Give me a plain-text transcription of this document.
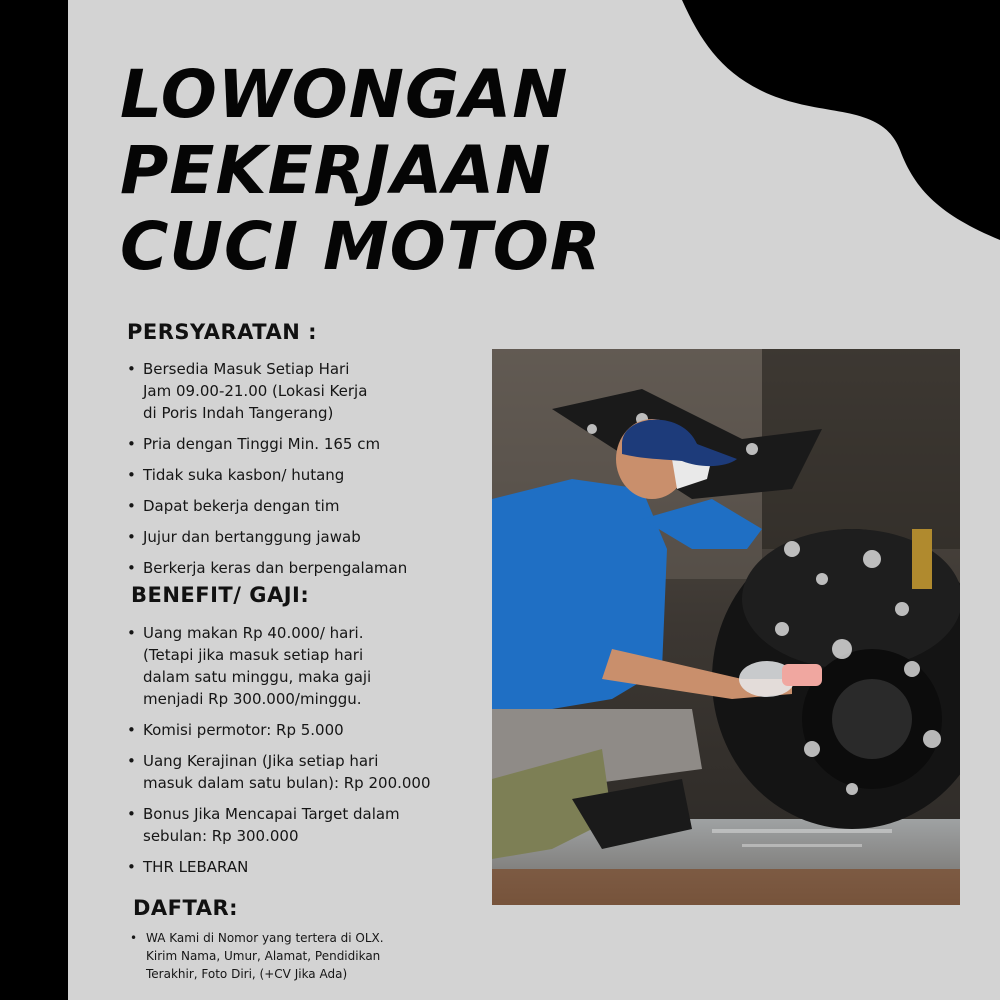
LOWONGAN
PEKERJAAN
CUCI MOTOR
PERSYARATAN :
• Bersedia Masuk Setiap Hari
Jam 09.00-21.00 (Lokasi Kerja
di Poris Indah Tangerang)
• Pria dengan Tinggi Min. 165 cm
• Tidak suka kasbon/ hutang
• Dapat bekerja dengan tim
• Jujur dan bertanggung jawab
• Berkerja keras dan berpengalaman
BENEFIT/ GAJI:
• Uang makan Rp 40.000/ hari.
(Tetapi jika masuk setiap hari
dalam satu minggu, maka gaji
menjadi Rp 300.000/minggu.
• Komisi permotor: Rp 5.000
• Uang Kerajinan (Jika setiap hari
masuk dalam satu bulan): Rp 200.000
• Bonus Jika Mencapai Target dalam
sebulan: Rp 300.000
• THR LEBARAN
DAFTAR:
• WA Kami di Nomor yang tertera di OLX.
Kirim Nama, Umur, Alamat, Pendidikan
Terakhir, Foto Diri, (+CV Jika Ada)
